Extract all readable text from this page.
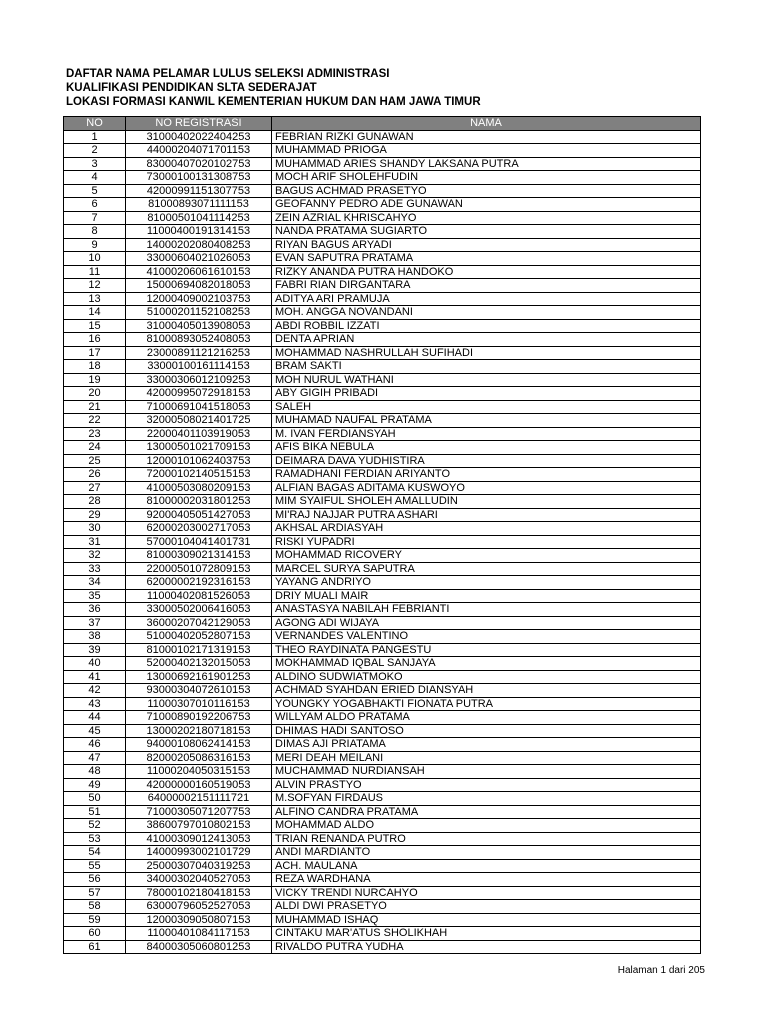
DAFTAR NAMA PELAMAR LULUS SELEKSI ADMINISTRASI
KUALIFIKASI PENDIDIKAN SLTA SEDERAJAT
LOKASI FORMASI KANWIL KEMENTERIAN HUKUM DAN HAM JAWA TIMUR
NO	NO REGISTRASI	NAMA
1	31000402022404253	FEBRIAN RIZKI GUNAWAN
2	44000204071701153	MUHAMMAD PRIOGA
3	83000407020102753	MUHAMMAD ARIES SHANDY LAKSANA PUTRA
4	73000100131308753	MOCH ARIF SHOLEHFUDIN
5	42000991151307753	BAGUS ACHMAD PRASETYO
6	81000893071111153	GEOFANNY PEDRO ADE GUNAWAN
7	81000501041114253	ZEIN AZRIAL KHRISCAHYO
8	11000400191314153	NANDA PRATAMA SUGIARTO
9	14000202080408253	RIYAN BAGUS ARYADI
10	33000604021026053	EVAN SAPUTRA PRATAMA
11	41000206061610153	RIZKY ANANDA PUTRA HANDOKO
12	15000694082018053	FABRI RIAN DIRGANTARA
13	12000409002103753	ADITYA ARI PRAMUJA
14	51000201152108253	MOH. ANGGA NOVANDANI
15	31000405013908053	ABDI ROBBIL IZZATI
16	81000893052408053	DENTA APRIAN
17	23000891121216253	MOHAMMAD NASHRULLAH SUFIHADI
18	33000100161114153	BRAM SAKTI
19	33000306012109253	MOH NURUL WATHANI
20	42000995072918153	ABY GIGIH PRIBADI
21	71000691041518053	SALEH
22	32000508021401725	MUHAMAD NAUFAL PRATAMA
23	22000401103919053	M. IVAN FERDIANSYAH
24	13000501021709153	AFIS BIKA NEBULA
25	12000101062403753	DEIMARA DAVA YUDHISTIRA
26	72000102140515153	RAMADHANI FERDIAN ARIYANTO
27	41000503080209153	ALFIAN BAGAS ADITAMA KUSWOYO
28	81000002031801253	MIM SYAIFUL SHOLEH AMALLUDIN
29	92000405051427053	MI'RAJ NAJJAR PUTRA ASHARI
30	62000203002717053	AKHSAL ARDIASYAH
31	57000104041401731	RISKI YUPADRI
32	81000309021314153	MOHAMMAD RICOVERY
33	22000501072809153	MARCEL SURYA SAPUTRA
34	62000002192316153	YAYANG ANDRIYO
35	11000402081526053	DRIY MUALI MAIR
36	33000502006416053	ANASTASYA NABILAH FEBRIANTI
37	36000207042129053	AGONG ADI WIJAYA
38	51000402052807153	VERNANDES VALENTINO
39	81000102171319153	THEO RAYDINATA PANGESTU
40	52000402132015053	MOKHAMMAD IQBAL SANJAYA
41	13000692161901253	ALDINO SUDWIATMOKO
42	93000304072610153	ACHMAD SYAHDAN ERIED DIANSYAH
43	11000307010116153	YOUNGKY YOGABHAKTI FIONATA PUTRA
44	71000890192206753	WILLYAM ALDO PRATAMA
45	13000202180718153	DHIMAS HADI SANTOSO
46	94000108062414153	DIMAS AJI PRIATAMA
47	82000205086316153	MERI DEAH MEILANI
48	11000204050315153	MUCHAMMAD NURDIANSAH
49	42000000160519053	ALVIN PRASTYO
50	64000002151111721	M.SOFYAN FIRDAUS
51	71000305071207753	ALFINO CANDRA PRATAMA
52	38600797010802153	MOHAMMAD ALDO
53	41000309012413053	TRIAN RENANDA PUTRO
54	14000993002101729	ANDI MARDIANTO
55	25000307040319253	ACH. MAULANA
56	34000302040527053	REZA WARDHANA
57	78000102180418153	VICKY TRENDI NURCAHYO
58	63000796052527053	ALDI DWI PRASETYO
59	12000309050807153	MUHAMMAD ISHAQ
60	11000401084117153	CINTAKU MAR'ATUS SHOLIKHAH
61	84000305060801253	RIVALDO PUTRA YUDHA
Halaman 1 dari 205
